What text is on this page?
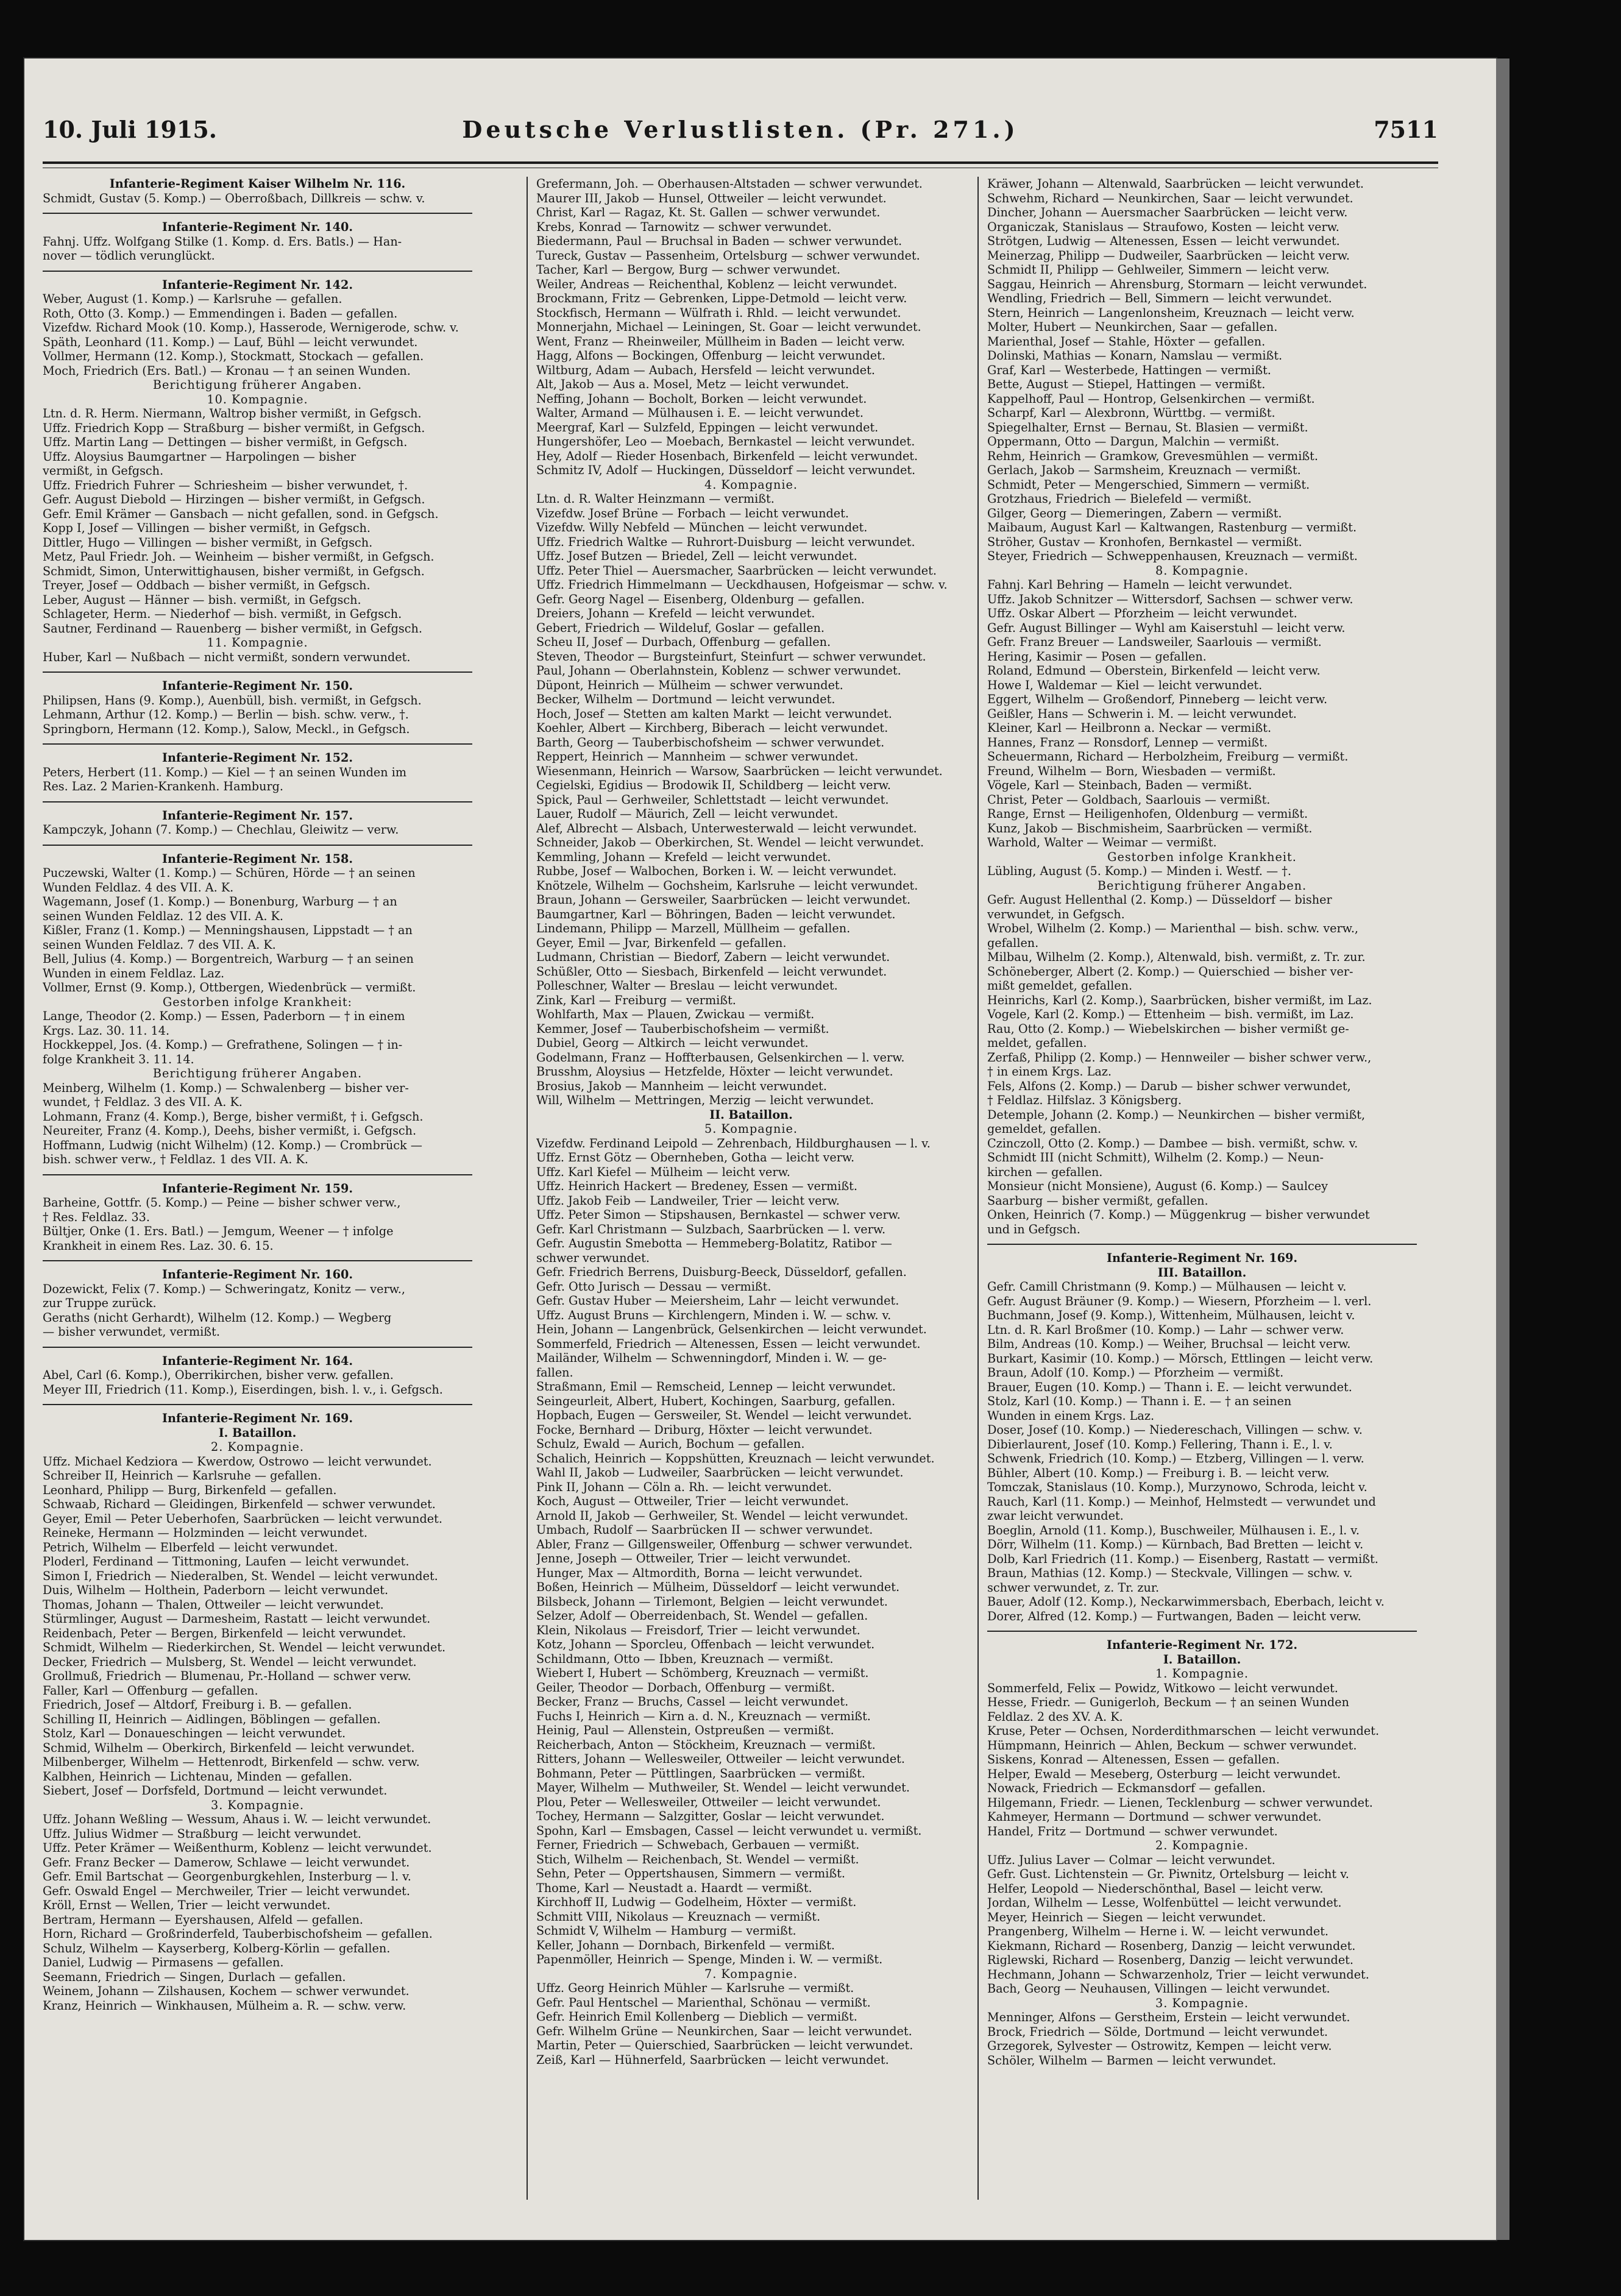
10. Juli 1915.	Deutsche Verlustlisten. (Pr. 271.)	7511
Infanterie-Regiment Kaiser Wilhelm Nr. 116.
Schmidt, Gustav (5. Komp.) — Oberroßbach, Dillkreis — schw. v.
Infanterie-Regiment Nr. 140.
Fahnj. Uffz. Wolfgang Stilke (1. Komp. d. Ers. Batls.) — Han-
nover — tödlich verunglückt.
Infanterie-Regiment Nr. 142.
Weber, August (1. Komp.) — Karlsruhe — gefallen.
Roth, Otto (3. Komp.) — Emmendingen i. Baden — gefallen.
Vizefdw. Richard Mook (10. Komp.), Hasserode, Wernigerode, schw. v.
Späth, Leonhard (11. Komp.) — Lauf, Bühl — leicht verwundet.
Vollmer, Hermann (12. Komp.), Stockmatt, Stockach — gefallen.
Moch, Friedrich (Ers. Batl.) — Kronau — † an seinen Wunden.
Berichtigung früherer Angaben.
10. Kompagnie.
Ltn. d. R. Herm. Niermann, Waltrop bisher vermißt, in Gefgsch.
Uffz. Friedrich Kopp — Straßburg — bisher vermißt, in Gefgsch.
Uffz. Martin Lang — Dettingen — bisher vermißt, in Gefgsch.
Uffz. Aloysius Baumgartner — Harpolingen — bisher
vermißt, in Gefgsch.
Uffz. Friedrich Fuhrer — Schriesheim — bisher verwundet, †.
Gefr. August Diebold — Hirzingen — bisher vermißt, in Gefgsch.
Gefr. Emil Krämer — Gansbach — nicht gefallen, sond. in Gefgsch.
Kopp I, Josef — Villingen — bisher vermißt, in Gefgsch.
Dittler, Hugo — Villingen — bisher vermißt, in Gefgsch.
Metz, Paul Friedr. Joh. — Weinheim — bisher vermißt, in Gefgsch.
Schmidt, Simon, Unterwittighausen, bisher vermißt, in Gefgsch.
Treyer, Josef — Oddbach — bisher vermißt, in Gefgsch.
Leber, August — Hänner — bish. vermißt, in Gefgsch.
Schlageter, Herm. — Niederhof — bish. vermißt, in Gefgsch.
Sautner, Ferdinand — Rauenberg — bisher vermißt, in Gefgsch.
11. Kompagnie.
Huber, Karl — Nußbach — nicht vermißt, sondern verwundet.
Infanterie-Regiment Nr. 150.
Philipsen, Hans (9. Komp.), Auenbüll, bish. vermißt, in Gefgsch.
Lehmann, Arthur (12. Komp.) — Berlin — bish. schw. verw., †.
Springborn, Hermann (12. Komp.), Salow, Meckl., in Gefgsch.
Infanterie-Regiment Nr. 152.
Peters, Herbert (11. Komp.) — Kiel — † an seinen Wunden im
Res. Laz. 2 Marien-Krankenh. Hamburg.
Infanterie-Regiment Nr. 157.
Kampczyk, Johann (7. Komp.) — Chechlau, Gleiwitz — verw.
Infanterie-Regiment Nr. 158.
Puczewski, Walter (1. Komp.) — Schüren, Hörde — † an seinen
Wunden Feldlaz. 4 des VII. A. K.
Wagemann, Josef (1. Komp.) — Bonenburg, Warburg — † an
seinen Wunden Feldlaz. 12 des VII. A. K.
Kißler, Franz (1. Komp.) — Menningshausen, Lippstadt — † an
seinen Wunden Feldlaz. 7 des VII. A. K.
Bell, Julius (4. Komp.) — Borgentreich, Warburg — † an seinen
Wunden in einem Feldlaz. Laz.
Vollmer, Ernst (9. Komp.), Ottbergen, Wiedenbrück — vermißt.
Gestorben infolge Krankheit:
Lange, Theodor (2. Komp.) — Essen, Paderborn — † in einem
Krgs. Laz. 30. 11. 14.
Hockkeppel, Jos. (4. Komp.) — Grefrathene, Solingen — † in-
folge Krankheit 3. 11. 14.
Berichtigung früherer Angaben.
Meinberg, Wilhelm (1. Komp.) — Schwalenberg — bisher ver-
wundet, † Feldlaz. 3 des VII. A. K.
Lohmann, Franz (4. Komp.), Berge, bisher vermißt, † i. Gefgsch.
Neureiter, Franz (4. Komp.), Deehs, bisher vermißt, i. Gefgsch.
Hoffmann, Ludwig (nicht Wilhelm) (12. Komp.) — Crombrück —
bish. schwer verw., † Feldlaz. 1 des VII. A. K.
Infanterie-Regiment Nr. 159.
Barheine, Gottfr. (5. Komp.) — Peine — bisher schwer verw.,
† Res. Feldlaz. 33.
Bültjer, Onke (1. Ers. Batl.) — Jemgum, Weener — † infolge
Krankheit in einem Res. Laz. 30. 6. 15.
Infanterie-Regiment Nr. 160.
Dozewickt, Felix (7. Komp.) — Schweringatz, Konitz — verw.,
zur Truppe zurück.
Geraths (nicht Gerhardt), Wilhelm (12. Komp.) — Wegberg
— bisher verwundet, vermißt.
Infanterie-Regiment Nr. 164.
Abel, Carl (6. Komp.), Oberrikirchen, bisher verw. gefallen.
Meyer III, Friedrich (11. Komp.), Eiserdingen, bish. l. v., i. Gefgsch.
Infanterie-Regiment Nr. 169.
I. Bataillon.
2. Kompagnie.
Uffz. Michael Kedziora — Kwerdow, Ostrowo — leicht verwundet.
Schreiber II, Heinrich — Karlsruhe — gefallen.
Leonhard, Philipp — Burg, Birkenfeld — gefallen.
Schwaab, Richard — Gleidingen, Birkenfeld — schwer verwundet.
Geyer, Emil — Peter Ueberhofen, Saarbrücken — leicht verwundet.
Reineke, Hermann — Holzminden — leicht verwundet.
Petrich, Wilhelm — Elberfeld — leicht verwundet.
Ploderl, Ferdinand — Tittmoning, Laufen — leicht verwundet.
Simon I, Friedrich — Niederalben, St. Wendel — leicht verwundet.
Duis, Wilhelm — Holthein, Paderborn — leicht verwundet.
Thomas, Johann — Thalen, Ottweiler — leicht verwundet.
Stürmlinger, August — Darmesheim, Rastatt — leicht verwundet.
Reidenbach, Peter — Bergen, Birkenfeld — leicht verwundet.
Schmidt, Wilhelm — Riederkirchen, St. Wendel — leicht verwundet.
Decker, Friedrich — Mulsberg, St. Wendel — leicht verwundet.
Grollmuß, Friedrich — Blumenau, Pr.-Holland — schwer verw.
Faller, Karl — Offenburg — gefallen.
Friedrich, Josef — Altdorf, Freiburg i. B. — gefallen.
Schilling II, Heinrich — Aidlingen, Böblingen — gefallen.
Stolz, Karl — Donaueschingen — leicht verwundet.
Schmid, Wilhelm — Oberkirch, Birkenfeld — leicht verwundet.
Milbenberger, Wilhelm — Hettenrodt, Birkenfeld — schw. verw.
Kalbhen, Heinrich — Lichtenau, Minden — gefallen.
Siebert, Josef — Dorfsfeld, Dortmund — leicht verwundet.
3. Kompagnie.
Uffz. Johann Weßling — Wessum, Ahaus i. W. — leicht verwundet.
Uffz. Julius Widmer — Straßburg — leicht verwundet.
Uffz. Peter Krämer — Weißenthurm, Koblenz — leicht verwundet.
Gefr. Franz Becker — Damerow, Schlawe — leicht verwundet.
Gefr. Emil Bartschat — Georgenburgkehlen, Insterburg — l. v.
Gefr. Oswald Engel — Merchweiler, Trier — leicht verwundet.
Kröll, Ernst — Wellen, Trier — leicht verwundet.
Bertram, Hermann — Eyershausen, Alfeld — gefallen.
Horn, Richard — Großrinderfeld, Tauberbischofsheim — gefallen.
Schulz, Wilhelm — Kayserberg, Kolberg-Körlin — gefallen.
Daniel, Ludwig — Pirmasens — gefallen.
Seemann, Friedrich — Singen, Durlach — gefallen.
Weinem, Johann — Zilshausen, Kochem — schwer verwundet.
Kranz, Heinrich — Winkhausen, Mülheim a. R. — schw. verw.
Grefermann, Joh. — Oberhausen-Altstaden — schwer verwundet.
Maurer III, Jakob — Hunsel, Ottweiler — leicht verwundet.
Christ, Karl — Ragaz, Kt. St. Gallen — schwer verwundet.
Krebs, Konrad — Tarnowitz — schwer verwundet.
Biedermann, Paul — Bruchsal in Baden — schwer verwundet.
Tureck, Gustav — Passenheim, Ortelsburg — schwer verwundet.
Tacher, Karl — Bergow, Burg — schwer verwundet.
Weiler, Andreas — Reichenthal, Koblenz — leicht verwundet.
Brockmann, Fritz — Gebrenken, Lippe-Detmold — leicht verw.
Stockfisch, Hermann — Wülfrath i. Rhld. — leicht verwundet.
Monnerjahn, Michael — Leiningen, St. Goar — leicht verwundet.
Went, Franz — Rheinweiler, Müllheim in Baden — leicht verw.
Hagg, Alfons — Bockingen, Offenburg — leicht verwundet.
Wiltburg, Adam — Aubach, Hersfeld — leicht verwundet.
Alt, Jakob — Aus a. Mosel, Metz — leicht verwundet.
Neffing, Johann — Bocholt, Borken — leicht verwundet.
Walter, Armand — Mülhausen i. E. — leicht verwundet.
Meergraf, Karl — Sulzfeld, Eppingen — leicht verwundet.
Hungershöfer, Leo — Moebach, Bernkastel — leicht verwundet.
Hey, Adolf — Rieder Hosenbach, Birkenfeld — leicht verwundet.
Schmitz IV, Adolf — Huckingen, Düsseldorf — leicht verwundet.
4. Kompagnie.
Ltn. d. R. Walter Heinzmann — vermißt.
Vizefdw. Josef Brüne — Forbach — leicht verwundet.
Vizefdw. Willy Nebfeld — München — leicht verwundet.
Uffz. Friedrich Waltke — Ruhrort-Duisburg — leicht verwundet.
Uffz. Josef Butzen — Briedel, Zell — leicht verwundet.
Uffz. Peter Thiel — Auersmacher, Saarbrücken — leicht verwundet.
Uffz. Friedrich Himmelmann — Ueckdhausen, Hofgeismar — schw. v.
Gefr. Georg Nagel — Eisenberg, Oldenburg — gefallen.
Dreiers, Johann — Krefeld — leicht verwundet.
Gebert, Friedrich — Wildeluf, Goslar — gefallen.
Scheu II, Josef — Durbach, Offenburg — gefallen.
Steven, Theodor — Burgsteinfurt, Steinfurt — schwer verwundet.
Paul, Johann — Oberlahnstein, Koblenz — schwer verwundet.
Düpont, Heinrich — Mülheim — schwer verwundet.
Becker, Wilhelm — Dortmund — leicht verwundet.
Hoch, Josef — Stetten am kalten Markt — leicht verwundet.
Koehler, Albert — Kirchberg, Biberach — leicht verwundet.
Barth, Georg — Tauberbischofsheim — schwer verwundet.
Reppert, Heinrich — Mannheim — schwer verwundet.
Wiesenmann, Heinrich — Warsow, Saarbrücken — leicht verwundet.
Cegielski, Egidius — Brodowik II, Schildberg — leicht verw.
Spick, Paul — Gerhweiler, Schlettstadt — leicht verwundet.
Lauer, Rudolf — Mäurich, Zell — leicht verwundet.
Alef, Albrecht — Alsbach, Unterwesterwald — leicht verwundet.
Schneider, Jakob — Oberkirchen, St. Wendel — leicht verwundet.
Kemmling, Johann — Krefeld — leicht verwundet.
Rubbe, Josef — Walbochen, Borken i. W. — leicht verwundet.
Knötzele, Wilhelm — Gochsheim, Karlsruhe — leicht verwundet.
Braun, Johann — Gersweiler, Saarbrücken — leicht verwundet.
Baumgartner, Karl — Böhringen, Baden — leicht verwundet.
Lindemann, Philipp — Marzell, Müllheim — gefallen.
Geyer, Emil — Jvar, Birkenfeld — gefallen.
Ludmann, Christian — Biedorf, Zabern — leicht verwundet.
Schüßler, Otto — Siesbach, Birkenfeld — leicht verwundet.
Polleschner, Walter — Breslau — leicht verwundet.
Zink, Karl — Freiburg — vermißt.
Wohlfarth, Max — Plauen, Zwickau — vermißt.
Kemmer, Josef — Tauberbischofsheim — vermißt.
Dubiel, Georg — Altkirch — leicht verwundet.
Godelmann, Franz — Hoffterbausen, Gelsenkirchen — l. verw.
Brusshm, Aloysius — Hetzfelde, Höxter — leicht verwundet.
Brosius, Jakob — Mannheim — leicht verwundet.
Will, Wilhelm — Mettringen, Merzig — leicht verwundet.
II. Bataillon.
5. Kompagnie.
Vizefdw. Ferdinand Leipold — Zehrenbach, Hildburghausen — l. v.
Uffz. Ernst Götz — Obernheben, Gotha — leicht verw.
Uffz. Karl Kiefel — Mülheim — leicht verw.
Uffz. Heinrich Hackert — Bredeney, Essen — vermißt.
Uffz. Jakob Feib — Landweiler, Trier — leicht verw.
Uffz. Peter Simon — Stipshausen, Bernkastel — schwer verw.
Gefr. Karl Christmann — Sulzbach, Saarbrücken — l. verw.
Gefr. Augustin Smebotta — Hemmeberg-Bolatitz, Ratibor —
schwer verwundet.
Gefr. Friedrich Berrens, Duisburg-Beeck, Düsseldorf, gefallen.
Gefr. Otto Jurisch — Dessau — vermißt.
Gefr. Gustav Huber — Meiersheim, Lahr — leicht verwundet.
Uffz. August Bruns — Kirchlengern, Minden i. W. — schw. v.
Hein, Johann — Langenbrück, Gelsenkirchen — leicht verwundet.
Sommerfeld, Friedrich — Altenessen, Essen — leicht verwundet.
Mailänder, Wilhelm — Schwenningdorf, Minden i. W. — ge-
fallen.
Straßmann, Emil — Remscheid, Lennep — leicht verwundet.
Seingeurleit, Albert, Hubert, Kochingen, Saarburg, gefallen.
Hopbach, Eugen — Gersweiler, St. Wendel — leicht verwundet.
Focke, Bernhard — Driburg, Höxter — leicht verwundet.
Schulz, Ewald — Aurich, Bochum — gefallen.
Schalich, Heinrich — Koppshütten, Kreuznach — leicht verwundet.
Wahl II, Jakob — Ludweiler, Saarbrücken — leicht verwundet.
Pink II, Johann — Cöln a. Rh. — leicht verwundet.
Koch, August — Ottweiler, Trier — leicht verwundet.
Arnold II, Jakob — Gerhweiler, St. Wendel — leicht verwundet.
Umbach, Rudolf — Saarbrücken II — schwer verwundet.
Abler, Franz — Gillgensweiler, Offenburg — schwer verwundet.
Jenne, Joseph — Ottweiler, Trier — leicht verwundet.
Hunger, Max — Altmordith, Borna — leicht verwundet.
Boßen, Heinrich — Mülheim, Düsseldorf — leicht verwundet.
Bilsbeck, Johann — Tirlemont, Belgien — leicht verwundet.
Selzer, Adolf — Oberreidenbach, St. Wendel — gefallen.
Klein, Nikolaus — Freisdorf, Trier — leicht verwundet.
Kotz, Johann — Sporcleu, Offenbach — leicht verwundet.
Schildmann, Otto — Ibben, Kreuznach — vermißt.
Wiebert I, Hubert — Schömberg, Kreuznach — vermißt.
Geiler, Theodor — Dorbach, Offenburg — vermißt.
Becker, Franz — Bruchs, Cassel — leicht verwundet.
Fuchs I, Heinrich — Kirn a. d. N., Kreuznach — vermißt.
Heinig, Paul — Allenstein, Ostpreußen — vermißt.
Reicherbach, Anton — Stöckheim, Kreuznach — vermißt.
Ritters, Johann — Wellesweiler, Ottweiler — leicht verwundet.
Bohmann, Peter — Püttlingen, Saarbrücken — vermißt.
Mayer, Wilhelm — Muthweiler, St. Wendel — leicht verwundet.
Plou, Peter — Wellesweiler, Ottweiler — leicht verwundet.
Tochey, Hermann — Salzgitter, Goslar — leicht verwundet.
Spohn, Karl — Emsbagen, Cassel — leicht verwundet u. vermißt.
Ferner, Friedrich — Schwebach, Gerbauen — vermißt.
Stich, Wilhelm — Reichenbach, St. Wendel — vermißt.
Sehn, Peter — Oppertshausen, Simmern — vermißt.
Thome, Karl — Neustadt a. Haardt — vermißt.
Kirchhoff II, Ludwig — Godelheim, Höxter — vermißt.
Schmitt VIII, Nikolaus — Kreuznach — vermißt.
Schmidt V, Wilhelm — Hamburg — vermißt.
Keller, Johann — Dornbach, Birkenfeld — vermißt.
Papenmöller, Heinrich — Spenge, Minden i. W. — vermißt.
7. Kompagnie.
Uffz. Georg Heinrich Mühler — Karlsruhe — vermißt.
Gefr. Paul Hentschel — Marienthal, Schönau — vermißt.
Gefr. Heinrich Emil Kollenberg — Dieblich — vermißt.
Gefr. Wilhelm Grüne — Neunkirchen, Saar — leicht verwundet.
Martin, Peter — Quierschied, Saarbrücken — leicht verwundet.
Zeiß, Karl — Hühnerfeld, Saarbrücken — leicht verwundet.
Kräwer, Johann — Altenwald, Saarbrücken — leicht verwundet.
Schwehm, Richard — Neunkirchen, Saar — leicht verwundet.
Dincher, Johann — Auersmacher Saarbrücken — leicht verw.
Organiczak, Stanislaus — Straufowo, Kosten — leicht verw.
Strötgen, Ludwig — Altenessen, Essen — leicht verwundet.
Meinerzag, Philipp — Dudweiler, Saarbrücken — leicht verw.
Schmidt II, Philipp — Gehlweiler, Simmern — leicht verw.
Saggau, Heinrich — Ahrensburg, Stormarn — leicht verwundet.
Wendling, Friedrich — Bell, Simmern — leicht verwundet.
Stern, Heinrich — Langenlonsheim, Kreuznach — leicht verw.
Molter, Hubert — Neunkirchen, Saar — gefallen.
Marienthal, Josef — Stahle, Höxter — gefallen.
Dolinski, Mathias — Konarn, Namslau — vermißt.
Graf, Karl — Westerbede, Hattingen — vermißt.
Bette, August — Stiepel, Hattingen — vermißt.
Kappelhoff, Paul — Hontrop, Gelsenkirchen — vermißt.
Scharpf, Karl — Alexbronn, Württbg. — vermißt.
Spiegelhalter, Ernst — Bernau, St. Blasien — vermißt.
Oppermann, Otto — Dargun, Malchin — vermißt.
Rehm, Heinrich — Gramkow, Grevesmühlen — vermißt.
Gerlach, Jakob — Sarmsheim, Kreuznach — vermißt.
Schmidt, Peter — Mengerschied, Simmern — vermißt.
Grotzhaus, Friedrich — Bielefeld — vermißt.
Gilger, Georg — Diemeringen, Zabern — vermißt.
Maibaum, August Karl — Kaltwangen, Rastenburg — vermißt.
Ströher, Gustav — Kronhofen, Bernkastel — vermißt.
Steyer, Friedrich — Schweppenhausen, Kreuznach — vermißt.
8. Kompagnie.
Fahnj. Karl Behring — Hameln — leicht verwundet.
Uffz. Jakob Schnitzer — Wittersdorf, Sachsen — schwer verw.
Uffz. Oskar Albert — Pforzheim — leicht verwundet.
Gefr. August Billinger — Wyhl am Kaiserstuhl — leicht verw.
Gefr. Franz Breuer — Landsweiler, Saarlouis — vermißt.
Hering, Kasimir — Posen — gefallen.
Roland, Edmund — Oberstein, Birkenfeld — leicht verw.
Howe I, Waldemar — Kiel — leicht verwundet.
Eggert, Wilhelm — Großendorf, Pinneberg — leicht verw.
Geißler, Hans — Schwerin i. M. — leicht verwundet.
Kleiner, Karl — Heilbronn a. Neckar — vermißt.
Hannes, Franz — Ronsdorf, Lennep — vermißt.
Scheuermann, Richard — Herbolzheim, Freiburg — vermißt.
Freund, Wilhelm — Born, Wiesbaden — vermißt.
Vögele, Karl — Steinbach, Baden — vermißt.
Christ, Peter — Goldbach, Saarlouis — vermißt.
Range, Ernst — Heiligenhofen, Oldenburg — vermißt.
Kunz, Jakob — Bischmisheim, Saarbrücken — vermißt.
Warhold, Walter — Weimar — vermißt.
Gestorben infolge Krankheit.
Lübling, August (5. Komp.) — Minden i. Westf. — †.
Berichtigung früherer Angaben.
Gefr. August Hellenthal (2. Komp.) — Düsseldorf — bisher
verwundet, in Gefgsch.
Wrobel, Wilhelm (2. Komp.) — Marienthal — bish. schw. verw.,
gefallen.
Milbau, Wilhelm (2. Komp.), Altenwald, bish. vermißt, z. Tr. zur.
Schöneberger, Albert (2. Komp.) — Quierschied — bisher ver-
mißt gemeldet, gefallen.
Heinrichs, Karl (2. Komp.), Saarbrücken, bisher vermißt, im Laz.
Vogele, Karl (2. Komp.) — Ettenheim — bish. vermißt, im Laz.
Rau, Otto (2. Komp.) — Wiebelskirchen — bisher vermißt ge-
meldet, gefallen.
Zerfaß, Philipp (2. Komp.) — Hennweiler — bisher schwer verw.,
† in einem Krgs. Laz.
Fels, Alfons (2. Komp.) — Darub — bisher schwer verwundet,
† Feldlaz. Hilfslaz. 3 Königsberg.
Detemple, Johann (2. Komp.) — Neunkirchen — bisher vermißt,
gemeldet, gefallen.
Czinczoll, Otto (2. Komp.) — Dambee — bish. vermißt, schw. v.
Schmidt III (nicht Schmitt), Wilhelm (2. Komp.) — Neun-
kirchen — gefallen.
Monsieur (nicht Monsiene), August (6. Komp.) — Saulcey
Saarburg — bisher vermißt, gefallen.
Onken, Heinrich (7. Komp.) — Müggenkrug — bisher verwundet
und in Gefgsch.
Infanterie-Regiment Nr. 169.
III. Bataillon.
Gefr. Camill Christmann (9. Komp.) — Mülhausen — leicht v.
Gefr. August Bräuner (9. Komp.) — Wiesern, Pforzheim — l. verl.
Buchmann, Josef (9. Komp.), Wittenheim, Mülhausen, leicht v.
Ltn. d. R. Karl Broßmer (10. Komp.) — Lahr — schwer verw.
Bilm, Andreas (10. Komp.) — Weiher, Bruchsal — leicht verw.
Burkart, Kasimir (10. Komp.) — Mörsch, Ettlingen — leicht verw.
Braun, Adolf (10. Komp.) — Pforzheim — vermißt.
Brauer, Eugen (10. Komp.) — Thann i. E. — leicht verwundet.
Stolz, Karl (10. Komp.) — Thann i. E. — † an seinen
Wunden in einem Krgs. Laz.
Doser, Josef (10. Komp.) — Niedereschach, Villingen — schw. v.
Dibierlaurent, Josef (10. Komp.) Fellering, Thann i. E., l. v.
Schwenk, Friedrich (10. Komp.) — Etzberg, Villingen — l. verw.
Bühler, Albert (10. Komp.) — Freiburg i. B. — leicht verw.
Tomczak, Stanislaus (10. Komp.), Murzynowo, Schroda, leicht v.
Rauch, Karl (11. Komp.) — Meinhof, Helmstedt — verwundet und
zwar leicht verwundet.
Boeglin, Arnold (11. Komp.), Buschweiler, Mülhausen i. E., l. v.
Dörr, Wilhelm (11. Komp.) — Kürnbach, Bad Bretten — leicht v.
Dolb, Karl Friedrich (11. Komp.) — Eisenberg, Rastatt — vermißt.
Braun, Mathias (12. Komp.) — Steckvale, Villingen — schw. v.
schwer verwundet, z. Tr. zur.
Bauer, Adolf (12. Komp.), Neckarwimmersbach, Eberbach, leicht v.
Dorer, Alfred (12. Komp.) — Furtwangen, Baden — leicht verw.
Infanterie-Regiment Nr. 172.
I. Bataillon.
1. Kompagnie.
Sommerfeld, Felix — Powidz, Witkowo — leicht verwundet.
Hesse, Friedr. — Gunigerloh, Beckum — † an seinen Wunden
Feldlaz. 2 des XV. A. K.
Kruse, Peter — Ochsen, Norderdithmarschen — leicht verwundet.
Hümpmann, Heinrich — Ahlen, Beckum — schwer verwundet.
Siskens, Konrad — Altenessen, Essen — gefallen.
Helper, Ewald — Meseberg, Osterburg — leicht verwundet.
Nowack, Friedrich — Eckmansdorf — gefallen.
Hilgemann, Friedr. — Lienen, Tecklenburg — schwer verwundet.
Kahmeyer, Hermann — Dortmund — schwer verwundet.
Handel, Fritz — Dortmund — schwer verwundet.
2. Kompagnie.
Uffz. Julius Laver — Colmar — leicht verwundet.
Gefr. Gust. Lichtenstein — Gr. Piwnitz, Ortelsburg — leicht v.
Helfer, Leopold — Niederschönthal, Basel — leicht verw.
Jordan, Wilhelm — Lesse, Wolfenbüttel — leicht verwundet.
Meyer, Heinrich — Siegen — leicht verwundet.
Prangenberg, Wilhelm — Herne i. W. — leicht verwundet.
Kiekmann, Richard — Rosenberg, Danzig — leicht verwundet.
Riglewski, Richard — Rosenberg, Danzig — leicht verwundet.
Hechmann, Johann — Schwarzenholz, Trier — leicht verwundet.
Bach, Georg — Neuhausen, Villingen — leicht verwundet.
3. Kompagnie.
Menninger, Alfons — Gerstheim, Erstein — leicht verwundet.
Brock, Friedrich — Sölde, Dortmund — leicht verwundet.
Grzegorek, Sylvester — Ostrowitz, Kempen — leicht verw.
Schöler, Wilhelm — Barmen — leicht verwundet.
